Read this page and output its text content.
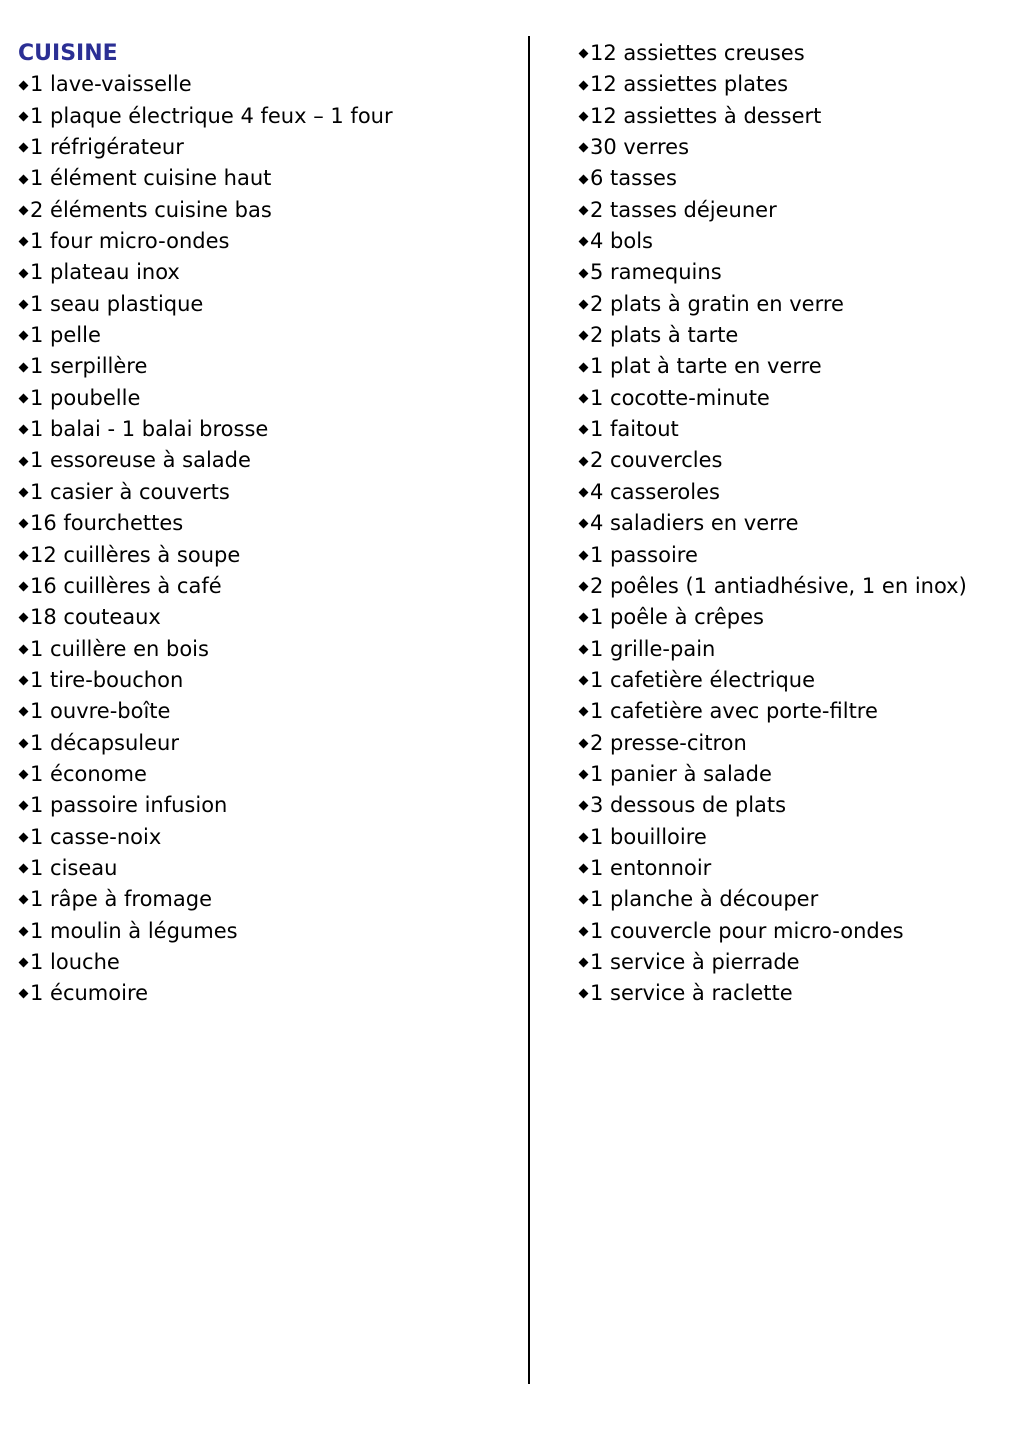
CUISINE
1 lave-vaisselle
1 plaque électrique 4 feux – 1 four
1 réfrigérateur
1 élément cuisine haut
2 éléments cuisine bas
1 four micro-ondes
1 plateau inox
1 seau plastique
1 pelle
1 serpillère
1 poubelle
1 balai - 1 balai brosse
1 essoreuse à salade
1 casier à couverts
16 fourchettes
12 cuillères à soupe
16 cuillères à café
18 couteaux
1 cuillère en bois
1 tire-bouchon
1 ouvre-boîte
1 décapsuleur
1 économe
1 passoire infusion
1 casse-noix
1 ciseau
1 râpe à fromage
1 moulin à légumes
1 louche
1 écumoire
12 assiettes creuses
12 assiettes plates
12 assiettes à dessert
30 verres
6 tasses
2 tasses déjeuner
4 bols
5 ramequins
2 plats à gratin en verre
2 plats à tarte
1 plat à tarte en verre
1 cocotte-minute
1 faitout
2 couvercles
4 casseroles
4 saladiers en verre
1 passoire
2 poêles (1 antiadhésive, 1 en inox)
1 poêle à crêpes
1 grille-pain
1 cafetière électrique
1 cafetière avec porte-filtre
2 presse-citron
1 panier à salade
3 dessous de plats
1 bouilloire
1 entonnoir
1 planche à découper
1 couvercle pour micro-ondes
1 service à pierrade
1 service à raclette
